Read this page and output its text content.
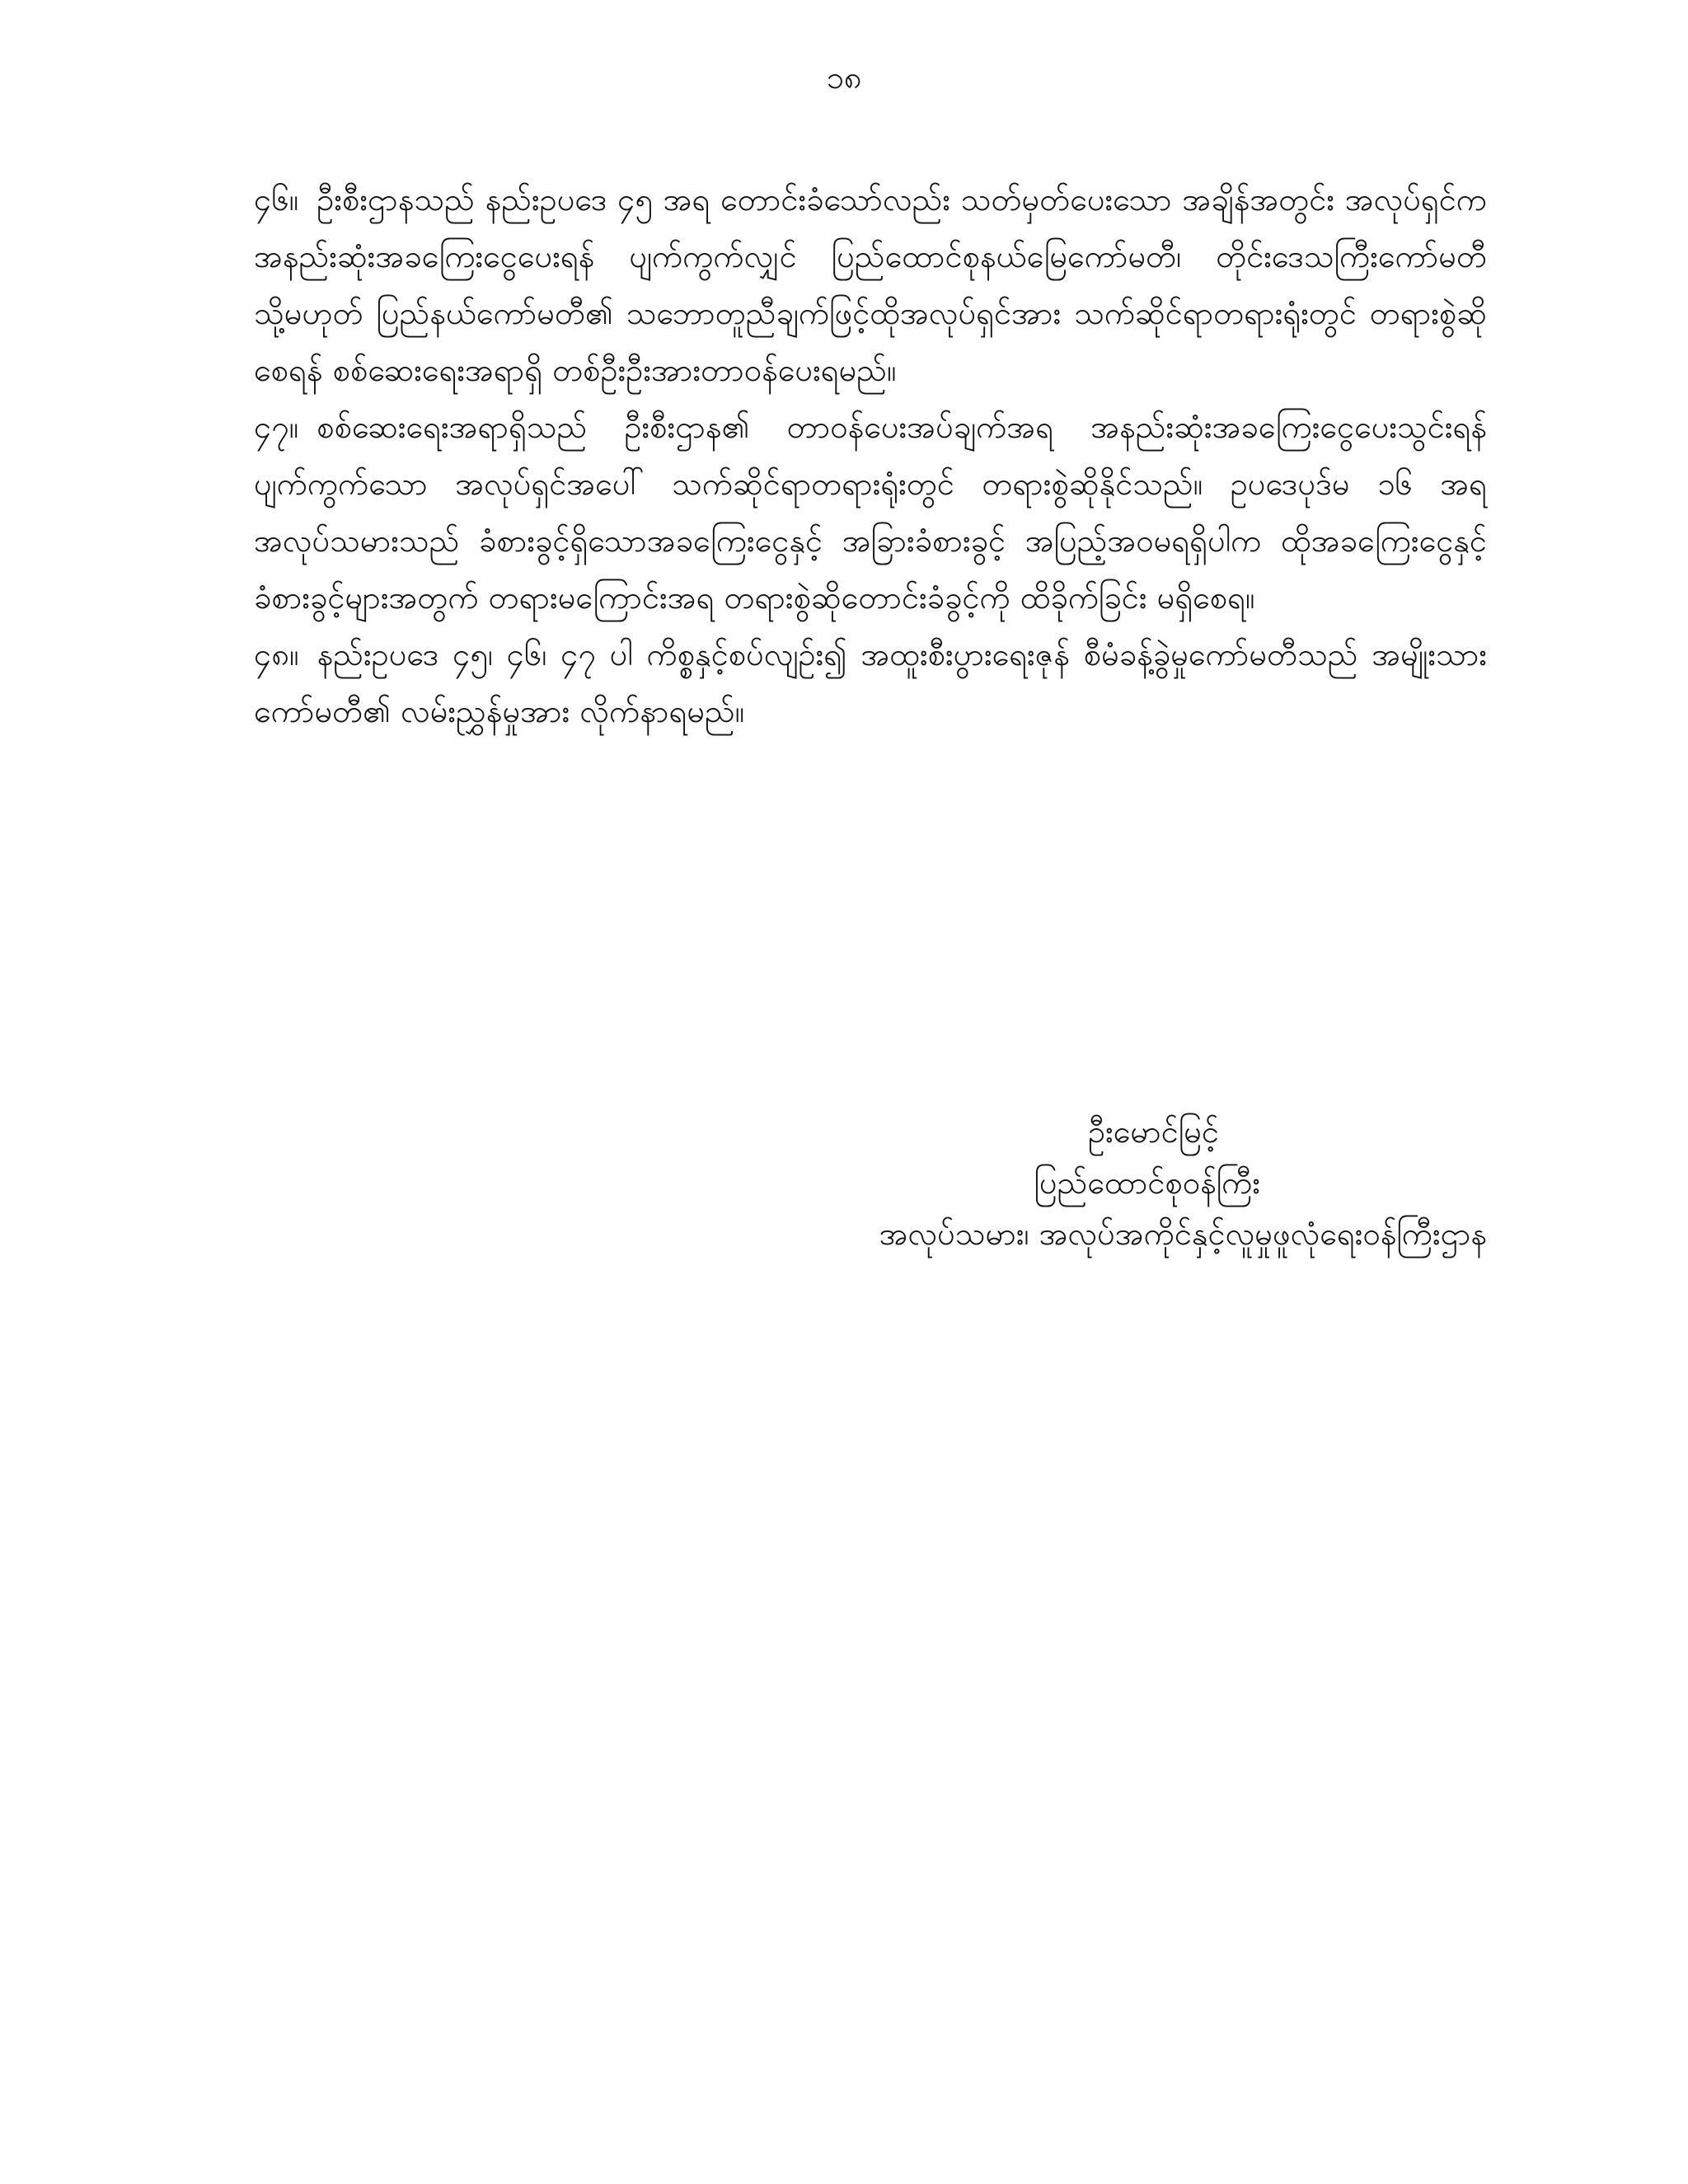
၁၈

၄၆။ ဦးစီးဌာနသည် နည်းဥပဒေ ၄၅ အရ တောင်းခံသော်လည်း သတ်မှတ်ပေးသော အချိန်အတွင်း အလုပ်ရှင်က အနည်းဆုံးအခကြေးငွေပေးရန် ပျက်ကွက်လျှင် ပြည်ထောင်စုနယ်မြေကော်မတီ၊ တိုင်းဒေသကြီးကော်မတီ သို့မဟုတ် ပြည်နယ်ကော်မတီ၏ သဘောတူညီချက်ဖြင့်ထိုအလုပ်ရှင်အား သက်ဆိုင်ရာတရားရုံးတွင် တရားစွဲဆိုစေရန် စစ်ဆေးရေးအရာရှိ တစ်ဦးဦးအားတာဝန်ပေးရမည်။

၄၇။ စစ်ဆေးရေးအရာရှိသည် ဦးစီးဌာန၏ တာဝန်ပေးအပ်ချက်အရ အနည်းဆုံးအခကြေးငွေပေးသွင်းရန်ပျက်ကွက်သော အလုပ်ရှင်အပေါ် သက်ဆိုင်ရာတရားရုံးတွင် တရားစွဲဆိုနိုင်သည်။ ဥပဒေပုဒ်မ ၁၆ အရ အလုပ်သမားသည် ခံစားခွင့်ရှိသောအခကြေးငွေနှင့် အခြားခံစားခွင့် အပြည့်အဝမရရှိပါက ထိုအခကြေးငွေနှင့် ခံစားခွင့်များအတွက် တရားမကြောင်းအရ တရားစွဲဆိုတောင်းခံခွင့်ကို ထိခိုက်ခြင်း မရှိစေရ။

၄၈။ နည်းဥပဒေ ၄၅၊ ၄၆၊ ၄၇ ပါ ကိစ္စနှင့်စပ်လျဉ်း၍ အထူးစီးပွားရေးဇုန် စီမံခန့်ခွဲမှုကော်မတီသည် အမျိုးသားကော်မတီ၏ လမ်းညွှန်မှုအား လိုက်နာရမည်။

ဦးမောင်မြင့်
ပြည်ထောင်စုဝန်ကြီး
အလုပ်သမား၊ အလုပ်အကိုင်နှင့်လူမှုဖူလုံရေးဝန်ကြီးဌာန
